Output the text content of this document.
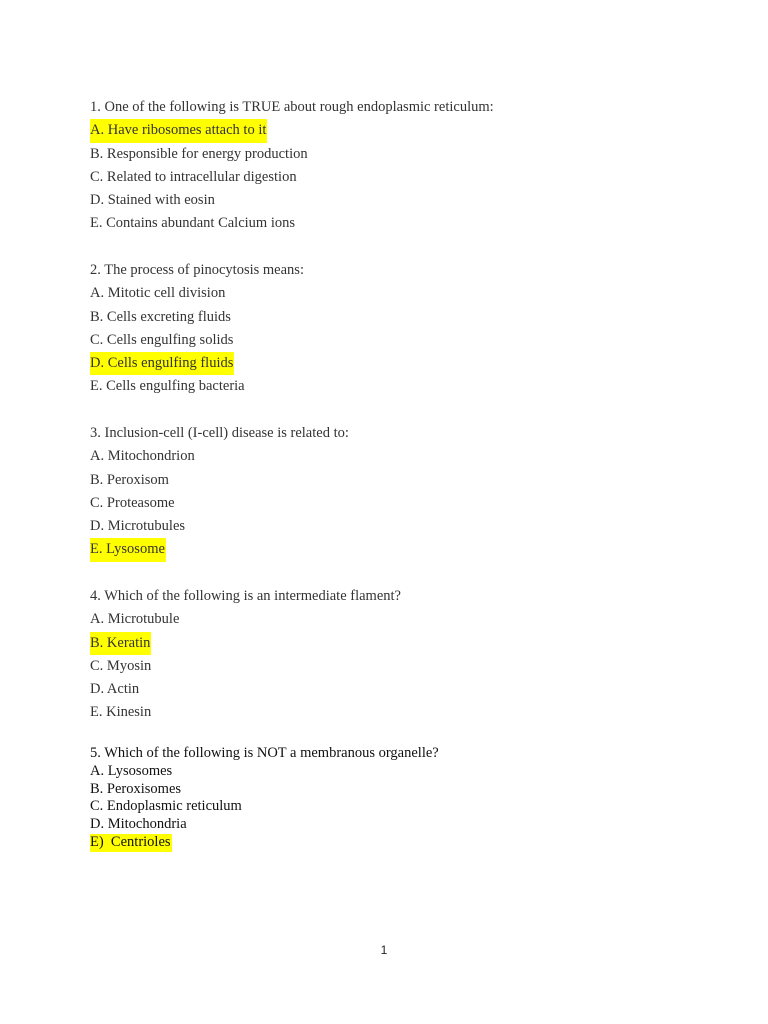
1. One of the following is TRUE about rough endoplasmic reticulum:
A. Have ribosomes attach to it
B. Responsible for energy production
C. Related to intracellular digestion
D. Stained with eosin
E. Contains abundant Calcium ions
2. The process of pinocytosis means:
A. Mitotic cell division
B. Cells excreting fluids
C. Cells engulfing solids
D. Cells engulfing fluids
E. Cells engulfing bacteria
3. Inclusion-cell (I-cell) disease is related to:
A. Mitochondrion
B. Peroxisom
C. Proteasome
D. Microtubules
E. Lysosome
4. Which of the following is an intermediate flament?
A. Microtubule
B. Keratin
C. Myosin
D. Actin
E. Kinesin
5. Which of the following is NOT a membranous organelle?
A. Lysosomes
B. Peroxisomes
C. Endoplasmic reticulum
D. Mitochondria
E)  Centrioles
1
